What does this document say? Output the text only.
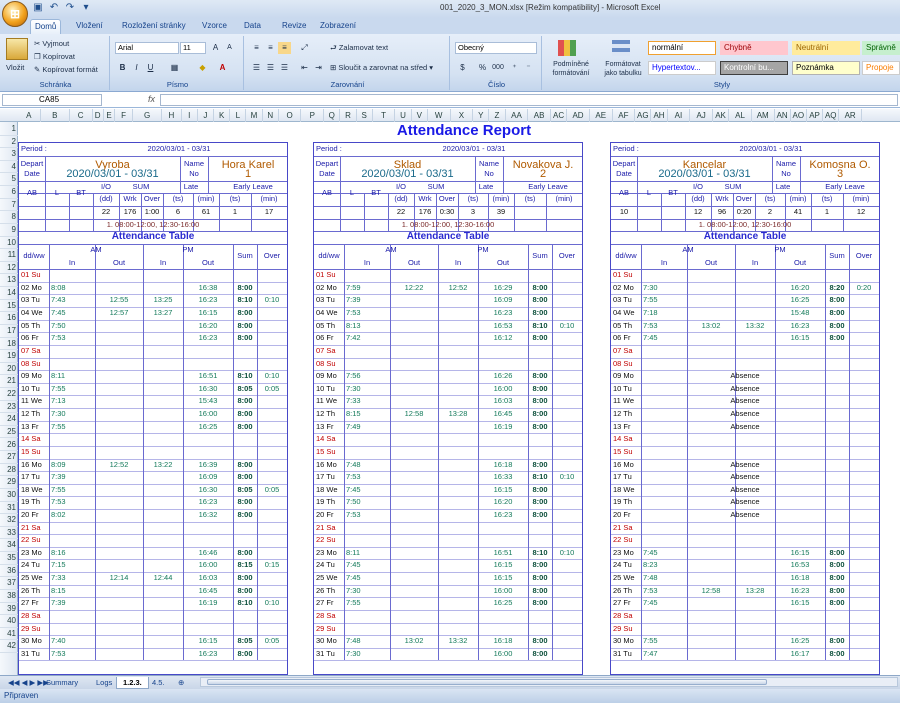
▣ ↶ ↷ ▾	001_2020_3_MON.xlsx [Režim kompatibility] - Microsoft Excel
⊞
Domů	Vložení	Rozložení stránky	Vzorce	Data	Revize	Zobrazení
Vložit
✂ Vyjmout
❐ Kopírovat
✎ Kopírovat formát
Schránka
Arial	11	A	A
B	I	U	▦	◆	A
Písmo
≡	≡	≡	⤢	⮐ Zalamovat text
☰ ☰ ☰	⇤ ⇥	⊞ Sloučit a zarovnat na střed ▾
Zarovnání
Obecný
$	% 000	⁺	⁻
Číslo
Podmíněné formátování
Formátovat jako tabulku
normální	Chybně	Neutrální	Správně
Hypertextov...	Kontrolní bu...	Poznámka	Propoje
Styly
CA85	fx
A	B	C	D E	F	G	H	I	J	K	L	M	N	O	P	Q	R	S	T	U	V	W	X	Y	Z	AA	AB	AC	AD	AE	AF	AG AH	AI	AJ	AK	AL	AM AN AO AP AQ	AR
1
2
3
4
5
6
7
8
9
10
11
12
13
14
15
16
17
18
19
20
21
22
23
24
25
26
27
28
29
30
31
32
33
34
35
36
37
38
39
40
41
42
Attendance Report
Period :	2020/03/01 - 03/31
Depart	Vyroba	Name	Hora Karel
Date	2020/03/01 - 03/31	No	1
AB	L	BT
I/O
(dd)
SUM
Wrk Over
Late
(ts)	(min)
Early Leave
(ts)	(min)
22	176	1:00	6	61	1	17
1. 08:00-12:00, 12:30-16:00
Attendance Table
dd/ww
AM	PM
In	Out	In	Out
Sum	Over
01 Su
02 Mo	8:08	16:38	8:00
03 Tu	7:43	12:55	13:25	16:23	8:10	0:10
04 We	7:45	12:57	13:27	16:15	8:00
05 Th	7:50	16:20	8:00
06 Fr	7:53	16:23	8:00
07 Sa
08 Su
09 Mo	8:11	16:51	8:10	0:10
10 Tu	7:55	16:30	8:05	0:05
11 We	7:13	15:43	8:00
12 Th	7:30	16:00	8:00
13 Fr	7:55	16:25	8:00
14 Sa
15 Su
16 Mo	8:09	12:52	13:22	16:39	8:00
17 Tu	7:39	16:09	8:00
18 We	7:55	16:30	8:05	0:05
19 Th	7:53	16:23	8:00
20 Fr	8:02	16:32	8:00
21 Sa
22 Su
23 Mo	8:16	16:46	8:00
24 Tu	7:15	16:00	8:15	0:15
25 We	7:33	12:14	12:44	16:03	8:00
26 Th	8:15	16:45	8:00
27 Fr	7:39	16:19	8:10	0:10
28 Sa
29 Su
30 Mo	7:40	16:15	8:05	0:05
31 Tu	7:53	16:23	8:00
Period :	2020/03/01 - 03/31
Depart	Sklad	Name	Novakova J.
Date	2020/03/01 - 03/31	No	2
AB	L	BT
I/O
(dd)
SUM
Wrk Over
Late
(ts)	(min)
Early Leave
(ts)	(min)
22	176	0:30	3	39
1. 08:00-12:00, 12:30-16:00
Attendance Table
dd/ww
AM	PM
In	Out	In	Out
Sum	Over
01 Su
02 Mo	7:59	12:22	12:52	16:29	8:00
03 Tu	7:39	16:09	8:00
04 We	7:53	16:23	8:00
05 Th	8:13	16:53	8:10	0:10
06 Fr	7:42	16:12	8:00
07 Sa
08 Su
09 Mo	7:56	16:26	8:00
10 Tu	7:30	16:00	8:00
11 We	7:33	16:03	8:00
12 Th	8:15	12:58	13:28	16:45	8:00
13 Fr	7:49	16:19	8:00
14 Sa
15 Su
16 Mo	7:48	16:18	8:00
17 Tu	7:53	16:33	8:10	0:10
18 We	7:45	16:15	8:00
19 Th	7:50	16:20	8:00
20 Fr	7:53	16:23	8:00
21 Sa
22 Su
23 Mo	8:11	16:51	8:10	0:10
24 Tu	7:45	16:15	8:00
25 We	7:45	16:15	8:00
26 Th	7:30	16:00	8:00
27 Fr	7:55	16:25	8:00
28 Sa
29 Su
30 Mo	7:48	13:02	13:32	16:18	8:00
31 Tu	7:30	16:00	8:00
Period :	2020/03/01 - 03/31
Depart	Kancelar	Name	Komosna O.
Date	2020/03/01 - 03/31	No	3
AB	L	BT
I/O
(dd)
SUM
Wrk Over
Late
(ts)	(min)
Early Leave
(ts)	(min)
10	12	96	0:20	2	41	1	12
1. 08:00-12:00, 12:30-16:00
Attendance Table
dd/ww
AM	PM
In	Out	In	Out
Sum	Over
01 Su
02 Mo	7:30	16:20	8:20	0:20
03 Tu	7:55	16:25	8:00
04 We	7:18	15:48	8:00
05 Th	7:53	13:02	13:32	16:23	8:00
06 Fr	7:45	16:15	8:00
07 Sa
08 Su
09 Mo	Absence
10 Tu	Absence
11 We	Absence
12 Th	Absence
13 Fr	Absence
14 Sa
15 Su
16 Mo	Absence
17 Tu	Absence
18 We	Absence
19 Th	Absence
20 Fr	Absence
21 Sa
22 Su
23 Mo	7:45	16:15	8:00
24 Tu	8:23	16:53	8:00
25 We	7:48	16:18	8:00
26 Th	7:53	12:58	13:28	16:23	8:00
27 Fr	7:45	16:15	8:00
28 Sa
29 Su
30 Mo	7:55	16:25	8:00
31 Tu	7:47	16:17	8:00
◀◀ ◀ ▶ ▶▶
Summary	Logs	1.2.3.	4.5.	⊕
Připraven
